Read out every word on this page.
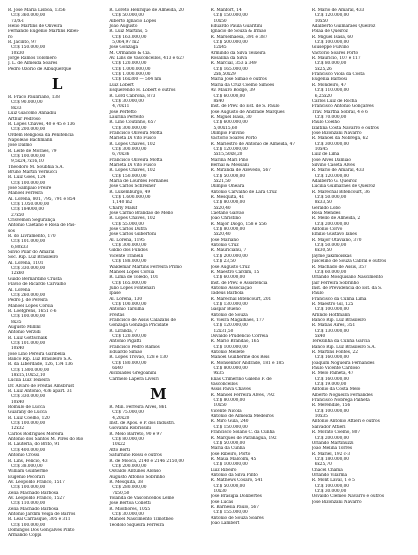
R. José Maria Lisboa, 1356
Cr.$ 360.000,00
73/X-I
Helio Martins de Oliveira
Fernando Eugenio Martins Ribei-
ro
R. Jacinto, 97
Cr.$ 150.000,00
10x30
Jorge Ramos Tolomero
J. L. de Almeida Soares
Pedro Ozorio de Albuquerque
L
R. Fraco Pauliriano, 138
Cr.$ 90.000,00
8x33
Luiz Giacomo Annadiu
Arthur Pedroso
R. Lopes Chaves, 40 e 45 e 136
Cr.$ 200.000,00
Ordem Religiosa da Penitencia
Napoleão Bachmann
José Dalmo
R. Leite de Moraes, 79
Cr.$ 100.000,00
9,5x24,7x16,10
Theodoro M. Soubhia S.A.
Bruno Martin Vernucci
R. Luiz Góes, 124
Cr.$ 100.000,00
José Sampaio Freire
Manoel Ferreira
Al. Lorena, 801, 795, 791 e 854
Cr.$ 1.050.000,00
Cr.$ 184000,00
27x50
Crisvemon Segurança
Antonio Caetano e Rosa de Pas-
sos
R. do Livramento, 170
Cr.$ 101.000,00
6,80x33
Silvio Pilar do Amaral
Soc. Rip. Luz Brasileiro
Al. Lorena, 1101
Cr.$ 330.000,00
12x60
Guido Bernardino Crusta
Flavio de Ricardo Carvalho
Al. Lorena
Cr.$ 260.000,00
Pedro J. de Pereira
Manoel Lopes Corsia
R. Loefgrens, 1651 c-6
Cr.$ 100.000,00
8x35
Augusto Millinl
Antonio Verzidi
R. Luiz Gottschalk
Cr.$ 101.000,00
10x40
José Lino Pereira Garibella
Banco Rip. Luz Brasileiro S.A.
R. da Liberdade, 126, 134 136
Cr.$ 1.800.000,00
18x15,10x52,10
Lucila Luiz Teixeira
Dr. Alvaro de Freitas Amsbrust
R. Luiz Antonio, 436 apart. 31
Cr.$ 330.000,00
10x40
Romulo de Lucca
Guarany de Lucca
R. Luiz Coelho, 120
Cr.$ 100.000,00
12x32
Carlos Rodrigues Moreira
Antonio dos Santos M. Pires do Rio
R. Lautérla, do Brito, 91
Cr.$ 400.000,00
Antonio Crossi
R. Lins, Felicio, 43
Cr.$ 38.000,00
William Guilherme
Eugenio Pecorari
Av. Leopoldo Franco, 1517
Cr.$ 100.000,00
Zelia Machado Barbosa
Av. Leopoldo Franco, 1527
Cr.$ 110.000,00
Zelia Machado Barbosa
Antonio Jardim Veiga de Barros
R. Leal Carrasque, 305 e 311
Cr.$ 100.000,00
Domingos Dos Gonçalves Pinto
Armando Coppi
R. Loreto Henrique de Almeida, 20
Cr.$ 50.000,00
Alberto Ignacio Lopes
João Augusto
R. Luiz Martins, 5
Cr.$ 163.000,00
5,064,97 m2
José Gonzaga
M. Ormando & Cia.
Av. Lins de Vasconcellos, 413 e 627
Cr.$ 120.000,00
Cr.$ 1.000.000,00
Cr.$ 1.000.000,00
Cr.$ 16x300 — 504 nm
Luiz Lobert
Esquerendo H. Lobert e outros
R. Lord Cabrona, 873
Cr.$ 30.000,00
4,70x11
José Perfetto
Laurina Perfeito
R. Lino Coutinho, 657
Cr.$ 300.000,00
Francisco Oliveira Motta
Marieta Di Vito Fusco
R. Lopes Chaves, 102
Cr.$ 300.000,00
6,70x36
Francisco Oliveira Motta
Marieta Di Vito Fusco
R. Lopes Chaves, 102
Cr.$ 150.000,00
Maria de Lourdes Fernanes
José Carlos Schreiner
R. Luxemburgo, 49
Cr.$ 1.600.000,00
1,140 m2
Charly Maluf
José Carmo Brandão de Mello
R. Lopes Chaves, 102
Cr.$ 55.000,00
José Carlos Dutra
José Carlos Gilbertoni
Al. Lorena, 1195
Cr.$ 300.000,00
Gildio dos Fundos
Vicente Tranelli
Cr.$ 188.000,00
Waldemar Martins Ferreira Primo
Manoel Lopes Corsia
R. Lima de Toledo, 101
Cr.$ 165.000,00
Julio Lopes Fontenari
Ipase
Al. Lorena, 130
Cr.$ 100.000,00
Antonio Tarsilha
Freitas
Francisco de Assis Calazans de
Gonzaga Gonzaga Prícidate
R. Liranda, 7
Cr.$ 120.000,00
Antonio Pigatti
Francisco Pedro Ramos
Eduardo Simão
R. Lopes Trovão, 128 e 130
Cr.$ 180.000,00
6x40
Alcibiades Gregoanini
Carmelo Lapera Liveiri
M
R. Min. Ferreira Alves, 861
Cr.$ 75.000,00
4,20x20
Inst. de Apos. e P. dos Industri.
Giovanni Robrissini
R. Melo Barreto, 90 e 97
Cr.$ 80.000,00
10x22
Atto Berti
Saturnino Rossi e outros
R. de Moóca, 2140 e 2146 2150,00
Cr.$ 200.000,00
Osvaldo Antunes Alonso
Augusto Affonso Sobrinho
R. Mesquita, 38
Cr.$ 280.000,00
7x50,50
Yolanda de Vasconcellos Leme
José Bertoa Colletti
R. Miolfiores, 1055
Cr.$ 30.000,00
Manoel Nascimento Timótheo
Teodolo Siqueira Ferreira
R. Manfort, 14
Cr.$ 150.000,00
10x50
Eduardo Paula Guaritini
Ignacio de Souza & Irmão
R. Marselhaesa, 391 e 387
Cr.$ 500.000,00
12x45
Armindo da Silva Teixeira
Rosalina da Silva
R. Marcial, 353 a 349
Cr.$ 165.000,00
2x6,50x29
Maria José Simão e outros
Maria da Cruz Coelho Simões
Av. Mauro Bodge, 39
Cr.$ 60.000,00
8x40
Inst. de Prev. do Est. de S. Paulo
José Augusto de Andrade Marques
R. Miguel Isasa, 30
Cr.$ 600.000,00
5,00x15,60
Olimpio Fulvino
Vactorio Soares Porto
R. Mariestro de Antonio de Almeida, 47
Cr.$ 120.000,00
5x15,50x8,20
Marina Mari Pino
Bernal & Messani
R. Miranda de Azevedo, 567
Cr.$ 50.000,00
5x21,50
Olimpio Oneara
Antonio Carvalho de Lara Cruz
R. Mesquita, 41
Cr.$ 80.000,00
5x20,40
Caetano Galvão
João Christino
R. Major Diogo, 158 e 556
Cr.$ 80.000,00
5x20,40
José Mariano
Antonio Cruz
R. Mauricianu, 7
Cr.$ 200.000,00
Cr.$ 23,50
José Augusto Cruz
R. Maestro Cardim, 15
Cr.$ 60.000,00
Inst. de Prev. e Assistência
Antonio Associação
Tadeus Barbola
R. Marechal Bitencourt, 201
Cr.$ 130.000,00
Gaspar Bueno
Antonio de Souza
R. Vieira Magalhães, 177
Cr.$ 120.000,00
12x31,50
Osvaldo Prudêncio Correia
R. Mário Brandão, 165
Cr.$ 100.000,00
Antonio Mellete
Manoel Guilherme dos Reis
R. Monsenhor Andrade, 181 e 185
Cr.$ 800.000,00
9x35
Elias Crimerino Galeno F. de
Vasconcellos
Assis Paiva Chaves
R. Manoel Ferreira Alves, 792
Cr.$ 80.000,00
10x50
Vicente Nicola
Antonio de Almeida Medeiros
R. Miró Gula, 240
Cr.$ 150.000,00
Francisco Solano C. da Cunha
R. Marquês de Paranaguá, 192
Cr.$ 50.000,00
Maria da Cunha
José Ribeiro, Porto
R. Mauá Malcolm, 45
Cr.$ 100.000,00
Luiz Ribeiro
Antonio da Silva Pinto
R. Mathews Cosaro, 541
Cr.$ 50.000,00
10x30
José Brasigia Dolibertes
José Lucas
R. Barnesia Paulo, 567
Cr.$ 155.000,00
Antonio de Souza Soares
João Lambert
R. Mario de Amaral, 433
Cr.$ 120.000,00
10x50
Adalberto Guimarães Queiroz
Pôlaa de Queiroz
R. Miguel Isasa, 60
Cr.$ 100.000,00
Giuseppe Fulvino
Vactorio Soares Porto
R. Mauricio, 107 e 117
Cr.$ 80.000,00
5x25,26
Francisco Viola da Costa
Eugenia Barbosi
R. Mondeiro, 47
Cr.$ 110.000,00
6,25x20
Carlos Luiz de Rocha
Francisco Antonio Gonçalves
Trav. Martha Sobral, 4 e 6
Cr.$ 70.000,00
Paulo Coelho
Izaltina Costa Navarro e outros
José Bizonzani Navarro
R. Manoel da Nobrega, 62
Cr.$ 300.000,00
10x45
Luiz de Lima
José Alves Damião
Silvino Caseta Alves
R. Mario de Amaral, 433
Cr.$ 120.000,00
Adalberto G. Queiroz
Lucília Guimarães de Queiroz
R. Marechal Bitencourt, 36
Cr.$ 50.000,00
8x33,50
Geraldo Lobo
Rosa Mendes
R. Mello de Almeida, 2
Cr.$ 200.000,00
Antonio Corvo
Emilio Gustavo Ianes
R. Major Otaviano, 370
Cr.$ 50.000,00
6x30,50
Jayme Jakimoiskas
Juscelino de Souza Cabral e outros
R. Machado de Assis, 357
Cr.$ 60.000,00
Orlando Mosquisano Nascimento
Jair Ferreira Sobrinho
Inst. de Previdência do Est. da S.
Paulo
Francisco da Cunha Lima
R. Maestro Gil, 125
Cr.$ 100.000,00
Arlindo Hoffmann
Banco Rip. Luz Brasileiro
R. Matias Aires, 351
Cr.$ 130.000,00
5x40
Terezinha da Cunha Garcia
Banco Rip. Luz Brasileiro S.A.
R. Martins Fontes, 22
Cr.$ 160.000,00
Joaquim Nogueira Fernandes
Paulo Vicente Cardoso
R. Melo Palheta, 47
Cr.$ 160.000,00
Cr.$ 19.000,00
Antonio da Costa Melo
Alberto Nogueira Fernandes
Francisco Nobrega Palheta
R. Merendile, 156
Cr.$ 100.000,00
10x35
Antonio Antonio Attieri e outros
Salvador Attieri
R. Morato Coelho, 807
Cr.$ 200.000,00
Orlando Martinuzzi
João Melina Torres
R. Mariel, 192 c-3
Cr.$ 180.000,00
6x25,70
Chacel Chama
Orlando Vilarma
R. Mont Laval, 1 e 5
Cr.$ 100.000,00
Cr.$ 30.000,00
Osvaldo Clemeo Navarro e outros
José Bizonzani Navarro
